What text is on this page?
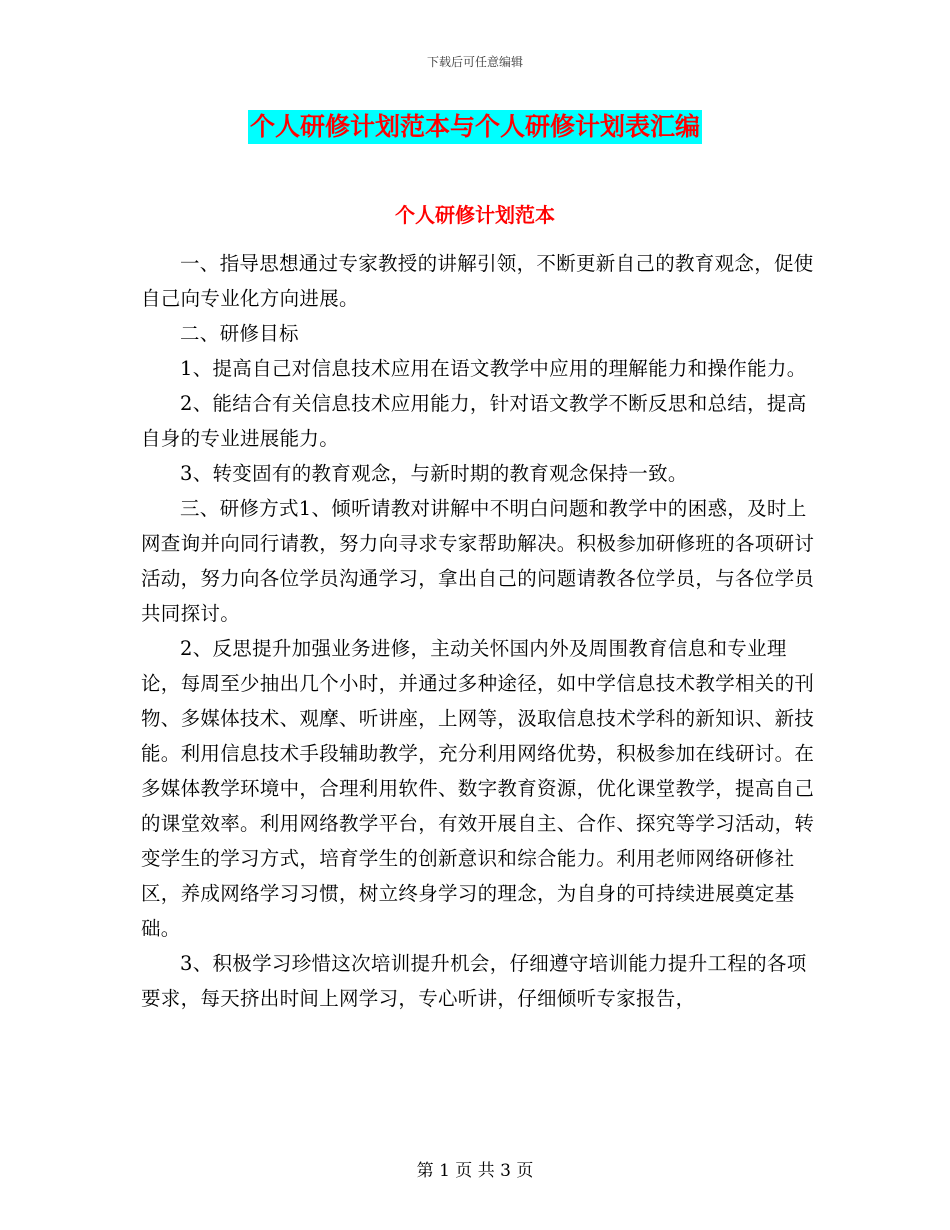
下载后可任意编辑
个人研修计划范本与个人研修计划表汇编
个人研修计划范本

一、指导思想通过专家教授的讲解引领，不断更新自己的教育观念，促使自己向专业化方向进展。

二、研修目标

1、提高自己对信息技术应用在语文教学中应用的理解能力和操作能力。

2、能结合有关信息技术应用能力，针对语文教学不断反思和总结，提高自身的专业进展能力。

3、转变固有的教育观念，与新时期的教育观念保持一致。

三、研修方式1、倾听请教对讲解中不明白问题和教学中的困惑，及时上网查询并向同行请教，努力向寻求专家帮助解决。积极参加研修班的各项研讨活动，努力向各位学员沟通学习，拿出自己的问题请教各位学员，与各位学员共同探讨。

2、反思提升加强业务进修，主动关怀国内外及周围教育信息和专业理论，每周至少抽出几个小时，并通过多种途径，如中学信息技术教学相关的刊物、多媒体技术、观摩、听讲座，上网等，汲取信息技术学科的新知识、新技能。利用信息技术手段辅助教学，充分利用网络优势，积极参加在线研讨。在多媒体教学环境中，合理利用软件、数字教育资源，优化课堂教学，提高自己的课堂效率。利用网络教学平台，有效开展自主、合作、探究等学习活动，转变学生的学习方式，培育学生的创新意识和综合能力。利用老师网络研修社区，养成网络学习习惯，树立终身学习的理念，为自身的可持续进展奠定基础。

3、积极学习珍惜这次培训提升机会，仔细遵守培训能力提升工程的各项要求，每天挤出时间上网学习，专心听讲，仔细倾听专家报告，

第 1 页 共 3 页
